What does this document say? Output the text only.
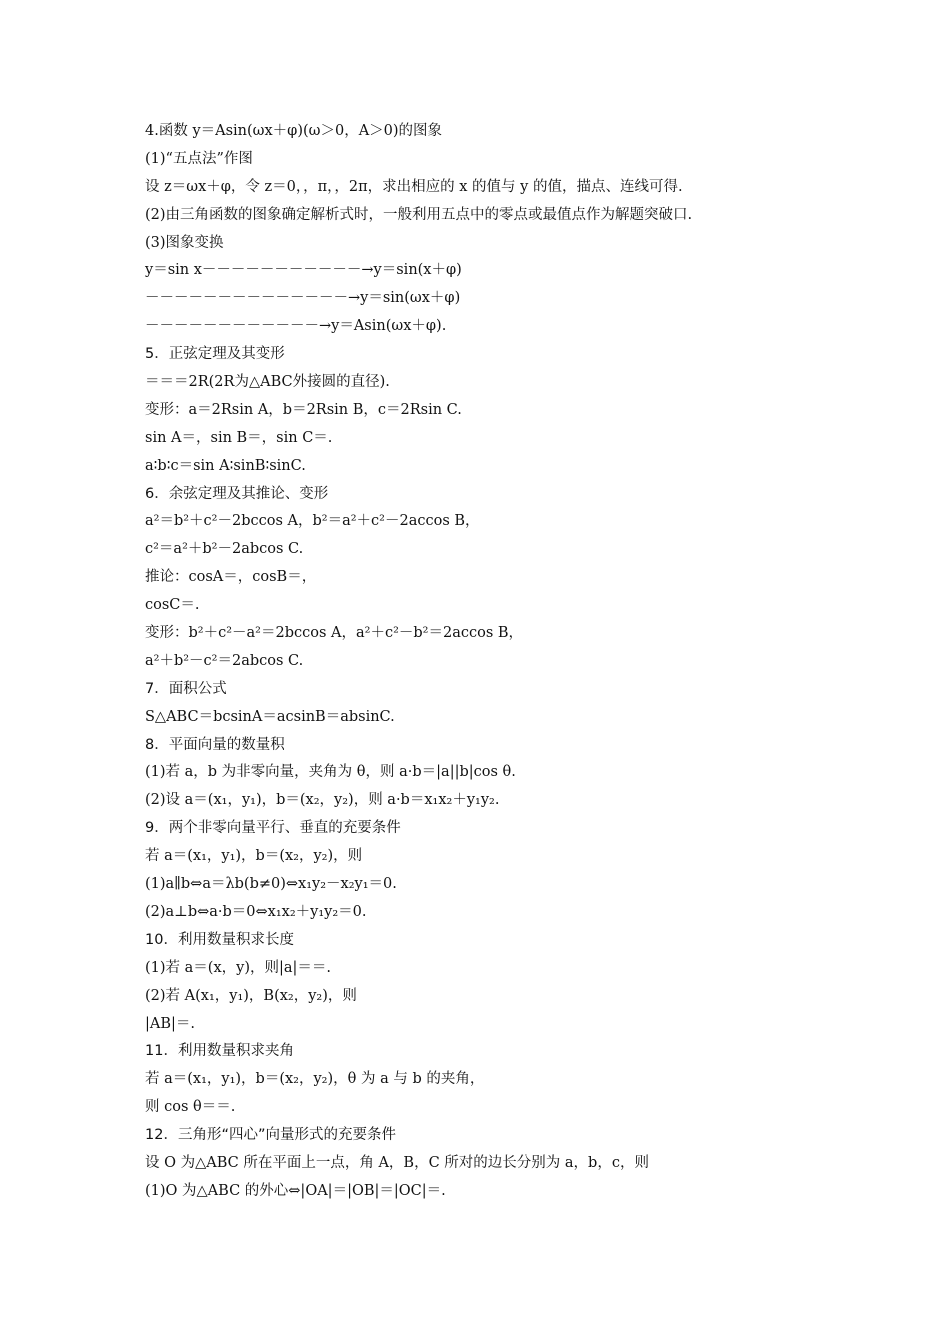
4.函数 y＝Asin(ωx＋φ)(ω＞0，A＞0)的图象
(1)“五点法”作图
设 z＝ωx＋φ，令 z＝0，，π，，2π，求出相应的 x 的值与 y 的值，描点、连线可得.
(2)由三角函数的图象确定解析式时，一般利用五点中的零点或最值点作为解题突破口.
(3)图象变换
y＝sin x－－－－－－－－－－－→y＝sin(x＋φ)
－－－－－－－－－－－－－－→y＝sin(ωx＋φ)
－－－－－－－－－－－－→y＝Asin(ωx＋φ).
5．正弦定理及其变形
＝＝＝2R(2R为△ABC外接圆的直径).
变形：a＝2Rsin A，b＝2Rsin B，c＝2Rsin C.
sin A＝，sin B＝，sin C＝.
a∶b∶c＝sin A∶sinB∶sinC.
6．余弦定理及其推论、变形
a²＝b²＋c²－2bccos A，b²＝a²＋c²－2accos B，
c²＝a²＋b²－2abcos C.
推论：cosA＝，cosB＝，
cosC＝.
变形：b²＋c²－a²＝2bccos A，a²＋c²－b²＝2accos B，
a²＋b²－c²＝2abcos C.
7．面积公式
S△ABC＝bcsinA＝acsinB＝absinC.
8．平面向量的数量积
(1)若 a，b 为非零向量，夹角为 θ，则 a·b＝|a||b|cos θ.
(2)设 a＝(x₁，y₁)，b＝(x₂，y₂)，则 a·b＝x₁x₂＋y₁y₂.
9．两个非零向量平行、垂直的充要条件
若 a＝(x₁，y₁)，b＝(x₂，y₂)，则
(1)a∥b⇔a＝λb(b≠0)⇔x₁y₂－x₂y₁＝0.
(2)a⊥b⇔a·b＝0⇔x₁x₂＋y₁y₂＝0.
10．利用数量积求长度
(1)若 a＝(x，y)，则|a|＝＝.
(2)若 A(x₁，y₁)，B(x₂，y₂)，则
|AB|＝.
11．利用数量积求夹角
若 a＝(x₁，y₁)，b＝(x₂，y₂)，θ 为 a 与 b 的夹角，
则 cos θ＝＝.
12．三角形“四心”向量形式的充要条件
设 O 为△ABC 所在平面上一点，角 A，B，C 所对的边长分别为 a，b，c，则
(1)O 为△ABC 的外心⇔|OA|＝|OB|＝|OC|＝.
